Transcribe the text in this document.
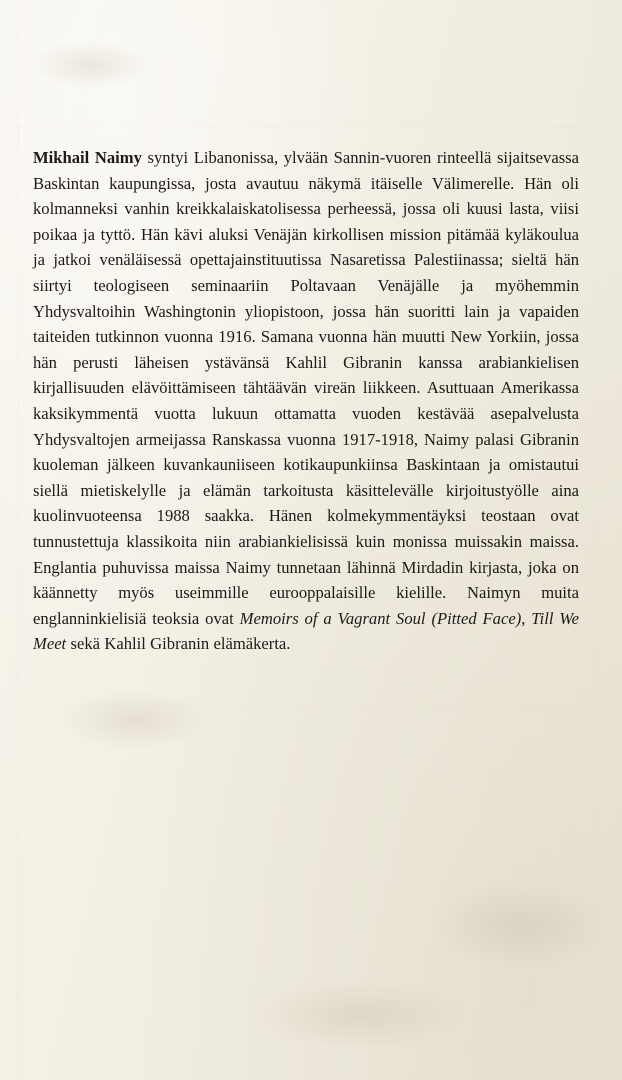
Mikhail Naimy syntyi Libanonissa, ylvään Sannin-vuoren rinteellä sijaitsevassa Baskintan kaupungissa, josta avautuu näkymä itäiselle Välimerelle. Hän oli kolmanneksi vanhin kreikkalaiskatolisessa perheessä, jossa oli kuusi lasta, viisi poikaa ja tyttö. Hän kävi aluksi Venäjän kirkollisen mission pitämää kyläkoulua ja jatkoi venäläisessä opettajainstituutissa Nasaretissa Palestiinassa; sieltä hän siirtyi teologiseen seminaariin Poltavaan Venäjälle ja myöhemmin Yhdysvaltoihin Washingtonin yliopistoon, jossa hän suoritti lain ja vapaiden taiteiden tutkinnon vuonna 1916. Samana vuonna hän muutti New Yorkiin, jossa hän perusti läheisen ystävänsä Kahlil Gibranin kanssa arabiankielisen kirjallisuuden elävöittämiseen tähtäävän vireän liikkeen. Asuttuaan Amerikassa kaksikymmentä vuotta lukuun ottamatta vuoden kestävää asepalvelusta Yhdysvaltojen armeijassa Ranskassa vuonna 1917-1918, Naimy palasi Gibranin kuoleman jälkeen kuvankauniiseen kotikaupunkiinsa Baskintaan ja omistautui siellä mietiskelylle ja elämän tarkoitusta käsittelevälle kirjoitustyölle aina kuolinvuoteensa 1988 saakka. Hänen kolmekymmentäyksi teostaan ovat tunnustettuja klassikoita niin arabiankielisissä kuin monissa muissakin maissa. Englantia puhuvissa maissa Naimy tunnetaan lähinnä Mirdadin kirjasta, joka on käännetty myös useimmille eurooppalaisille kielille. Naimyn muita englanninkielisiä teoksia ovat Memoirs of a Vagrant Soul (Pitted Face), Till We Meet sekä Kahlil Gibranin elämäkerta.
